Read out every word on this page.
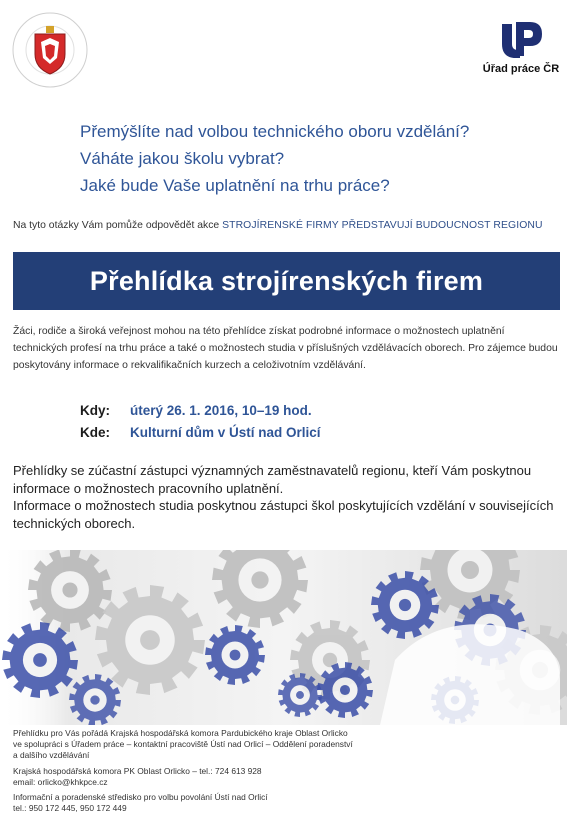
Úřad práce ČR
Přemýšlíte nad volbou technického oboru vzdělání?
Váháte jakou školu vybrat?
Jaké bude Vaše uplatnění na trhu práce?
Na tyto otázky Vám pomůže odpovědět akce STROJÍRENSKÉ FIRMY PŘEDSTAVUJÍ BUDOUCNOST REGIONU
Přehlídka strojírenských firem
Žáci, rodiče a široká veřejnost mohou na této přehlídce získat podrobné informace o možnostech uplatnění technických profesí na trhu práce a také o možnostech studia v příslušných vzdělávacích oborech. Pro zájemce budou poskytovány informace o rekvalifikačních kurzech a celoživotním vzdělávání.
Kdy: úterý 26. 1. 2016, 10–19 hod.
Kde: Kulturní dům v Ústí nad Orlicí
Přehlídky se zúčastní zástupci významných zaměstnavatelů regionu, kteří Vám poskytnou informace o možnostech pracovního uplatnění.
Informace o možnostech studia poskytnou zástupci škol poskytujících vzdělání v souvisejících technických oborech.

Přehlídku pro Vás pořádá Krajská hospodářská komora Pardubického kraje Oblast Orlicko
ve spolupráci s Úřadem práce – kontaktní pracoviště Ústí nad Orlicí – Oddělení poradenství
a dalšího vzdělávání

Krajská hospodářská komora PK Oblast Orlicko – tel.: 724 613 928
email: orlicko@khkpce.cz

Informační a poradenské středisko pro volbu povolání Ústí nad Orlicí
tel.: 950 172 445, 950 172 449
